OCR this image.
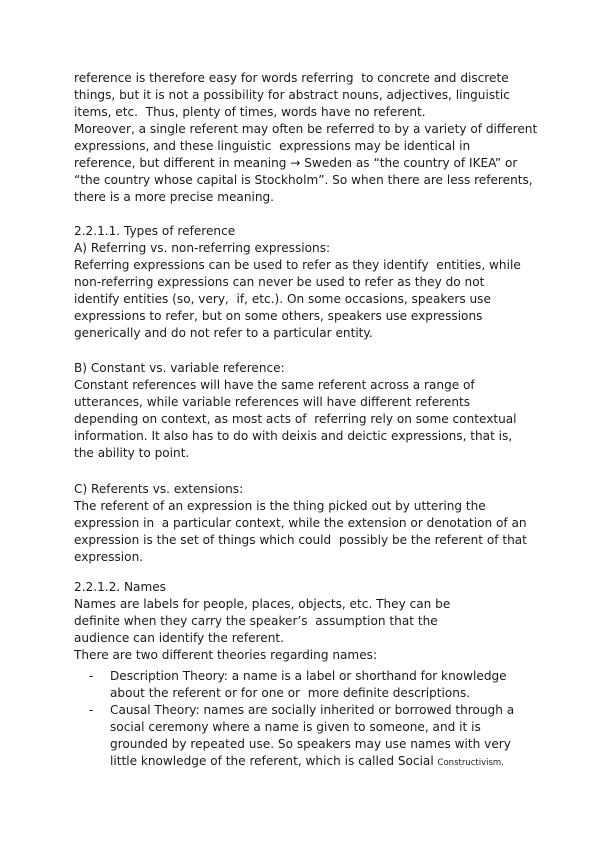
reference is therefore easy for words referring  to concrete and discrete
things, but it is not a possibility for abstract nouns, adjectives, linguistic
items, etc.  Thus, plenty of times, words have no referent.
Moreover, a single referent may often be referred to by a variety of different
expressions, and these linguistic  expressions may be identical in
reference, but different in meaning → Sweden as “the country of IKEA” or
“the country whose capital is Stockholm”. So when there are less referents,
there is a more precise meaning.
2.2.1.1. Types of reference
A) Referring vs. non-referring expressions:
Referring expressions can be used to refer as they identify  entities, while
non-referring expressions can never be used to refer as they do not
identify entities (so, very,  if, etc.). On some occasions, speakers use
expressions to refer, but on some others, speakers use expressions
generically and do not refer to a particular entity.
B) Constant vs. variable reference:
Constant references will have the same referent across a range of
utterances, while variable references will have different referents
depending on context, as most acts of  referring rely on some contextual
information. It also has to do with deixis and deictic expressions, that is,
the ability to point.
C) Referents vs. extensions:
The referent of an expression is the thing picked out by uttering the
expression in  a particular context, while the extension or denotation of an
expression is the set of things which could  possibly be the referent of that
expression.
2.2.1.2. Names
Names are labels for people, places, objects, etc. They can be
definite when they carry the speaker’s  assumption that the
audience can identify the referent.
There are two different theories regarding names:
- Description Theory: a name is a label or shorthand for knowledge
about the referent or for one or  more definite descriptions.
- Causal Theory: names are socially inherited or borrowed through a
social ceremony where a name is given to someone, and it is
grounded by repeated use. So speakers may use names with very
little knowledge of the referent, which is called Social Constructivism.
